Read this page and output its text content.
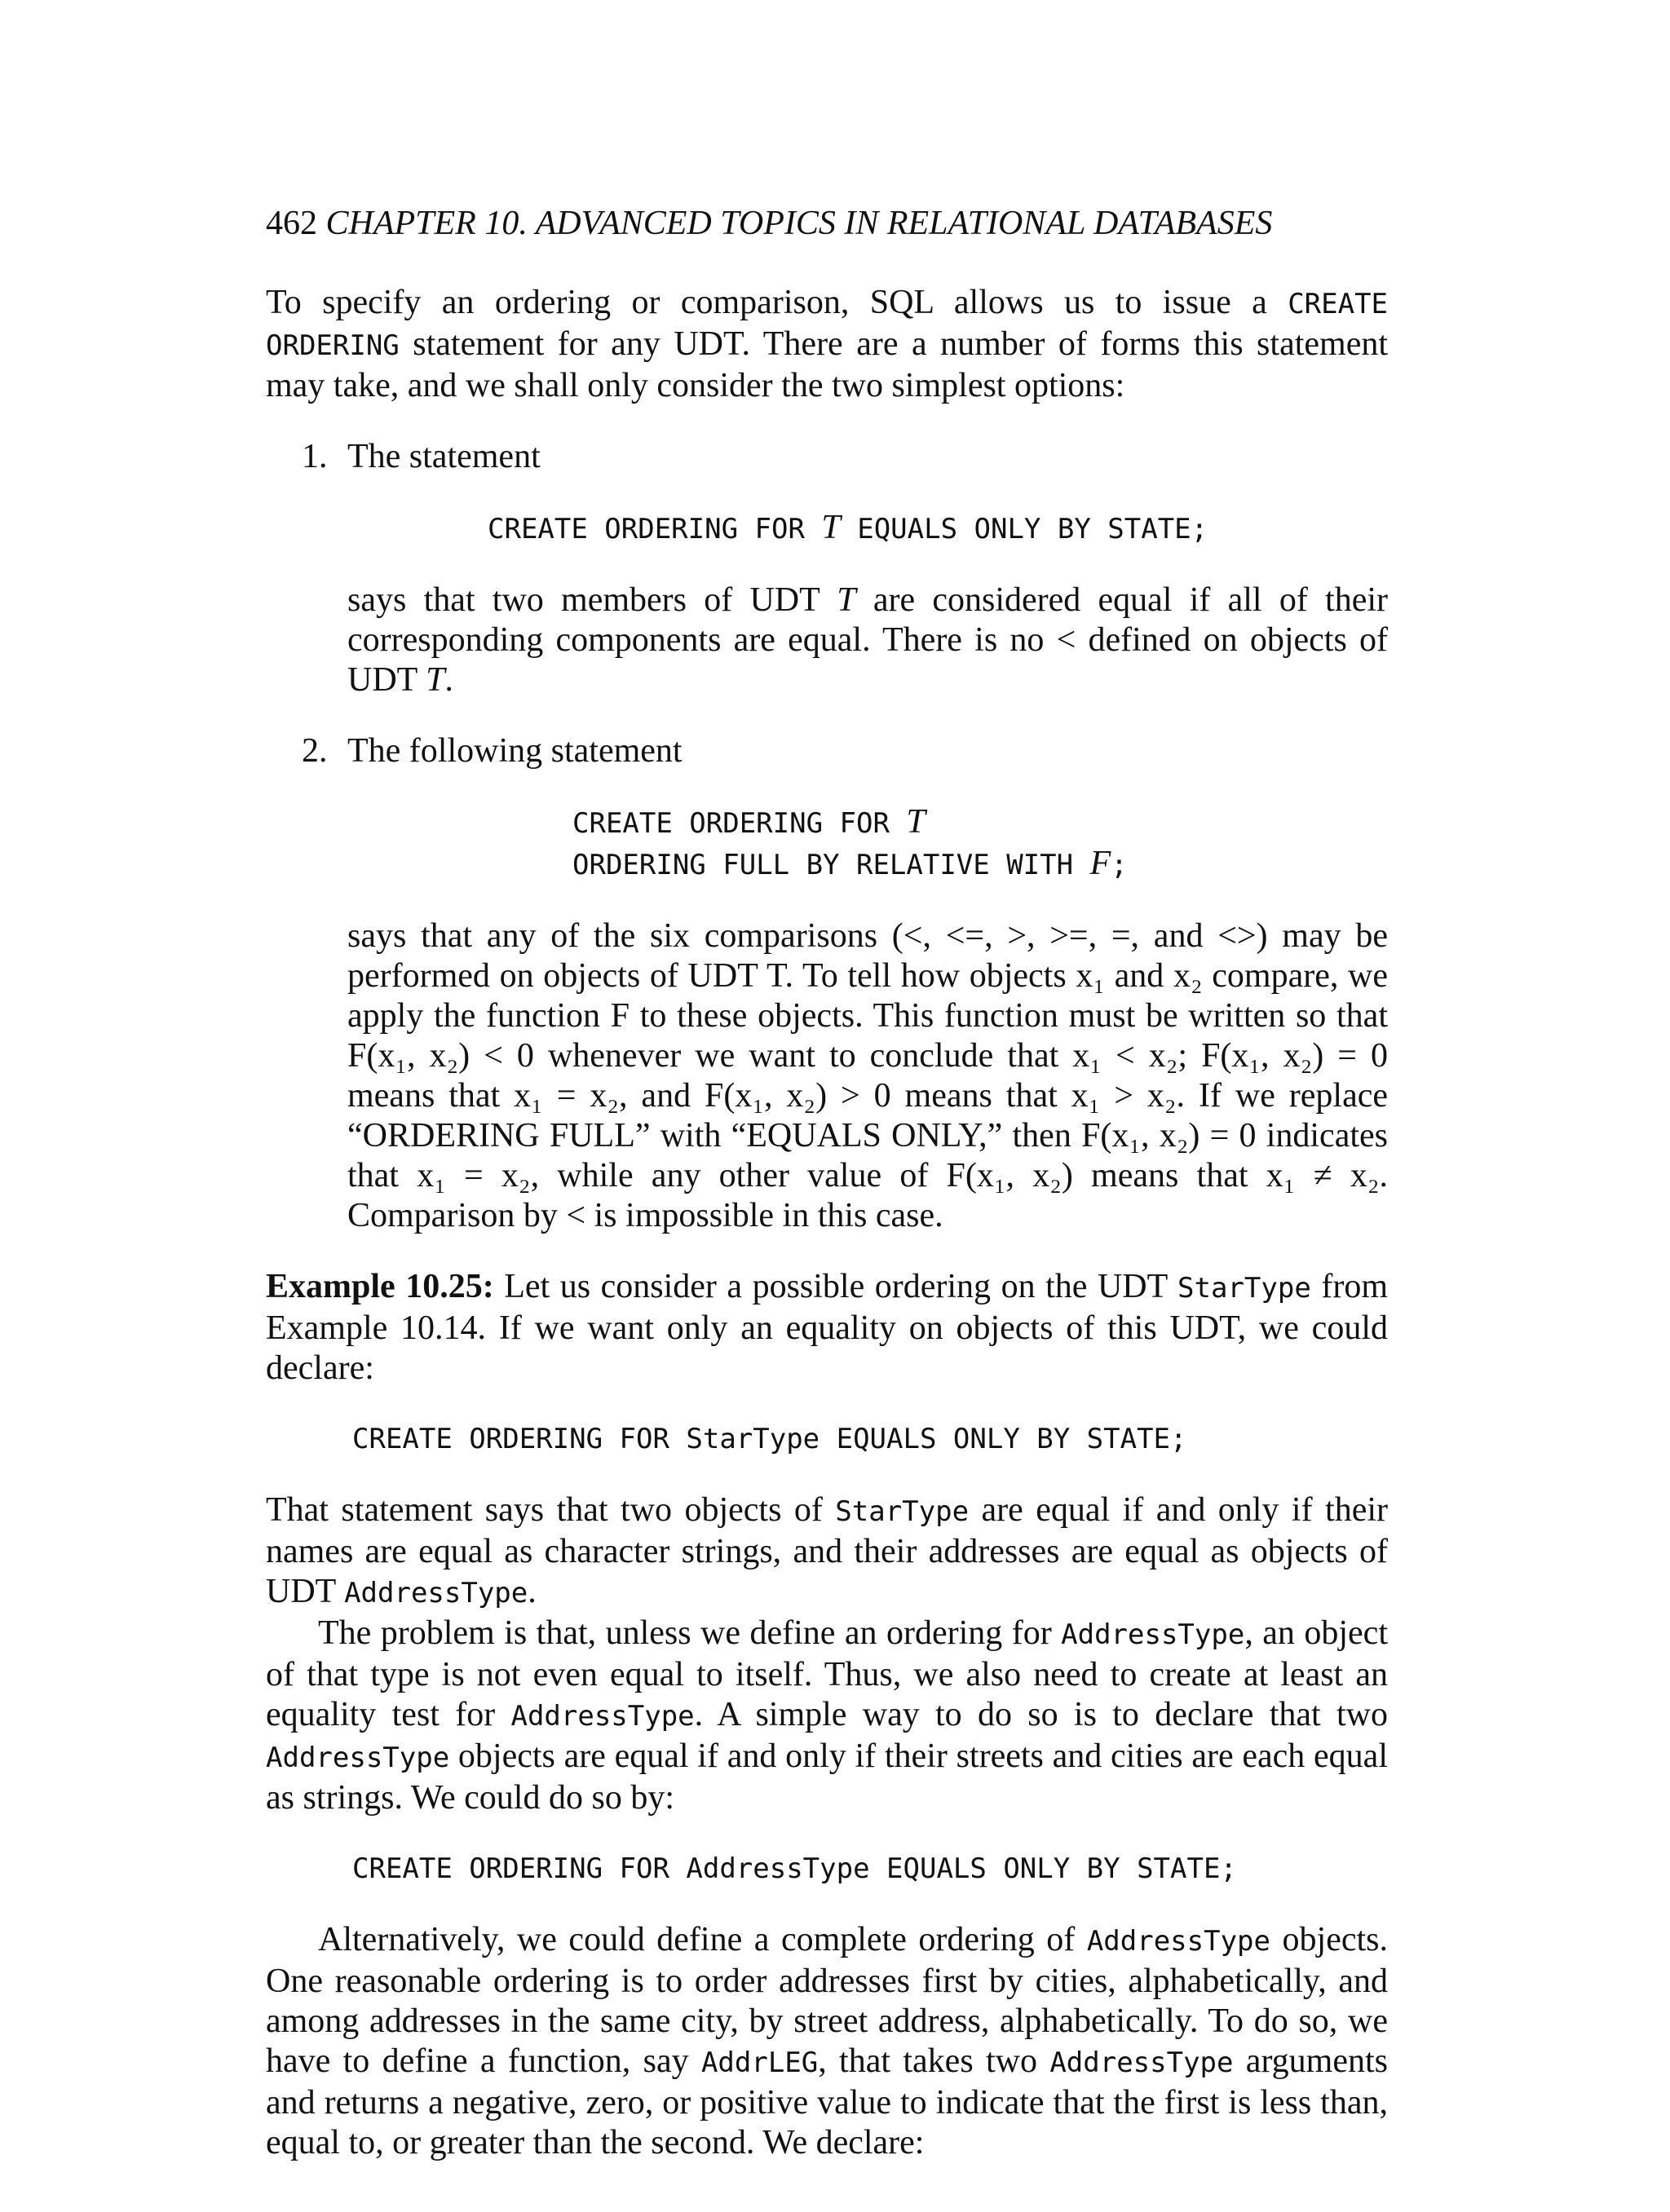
462 CHAPTER 10. ADVANCED TOPICS IN RELATIONAL DATABASES

To specify an ordering or comparison, SQL allows us to issue a CREATE ORDERING statement for any UDT. There are a number of forms this statement may take, and we shall only consider the two simplest options:

1. The statement

CREATE ORDERING FOR T EQUALS ONLY BY STATE;

says that two members of UDT T are considered equal if all of their corresponding components are equal. There is no < defined on objects of UDT T.

2. The following statement

CREATE ORDERING FOR T
ORDERING FULL BY RELATIVE WITH F;

says that any of the six comparisons (<, <=, >, >=, =, and <>) may be performed on objects of UDT T. To tell how objects x₁ and x₂ compare, we apply the function F to these objects. This function must be written so that F(x₁, x₂) < 0 whenever we want to conclude that x₁ < x₂; F(x₁, x₂) = 0 means that x₁ = x₂, and F(x₁, x₂) > 0 means that x₁ > x₂. If we replace “ORDERING FULL” with “EQUALS ONLY,” then F(x₁, x₂) = 0 indicates that x₁ = x₂, while any other value of F(x₁, x₂) means that x₁ ≠ x₂. Comparison by < is impossible in this case.

Example 10.25: Let us consider a possible ordering on the UDT StarType from Example 10.14. If we want only an equality on objects of this UDT, we could declare:

CREATE ORDERING FOR StarType EQUALS ONLY BY STATE;

That statement says that two objects of StarType are equal if and only if their names are equal as character strings, and their addresses are equal as objects of UDT AddressType.

The problem is that, unless we define an ordering for AddressType, an object of that type is not even equal to itself. Thus, we also need to create at least an equality test for AddressType. A simple way to do so is to declare that two AddressType objects are equal if and only if their streets and cities are each equal as strings. We could do so by:

CREATE ORDERING FOR AddressType EQUALS ONLY BY STATE;

Alternatively, we could define a complete ordering of AddressType objects. One reasonable ordering is to order addresses first by cities, alphabetically, and among addresses in the same city, by street address, alphabetically. To do so, we have to define a function, say AddrLEG, that takes two AddressType arguments and returns a negative, zero, or positive value to indicate that the first is less than, equal to, or greater than the second. We declare:
